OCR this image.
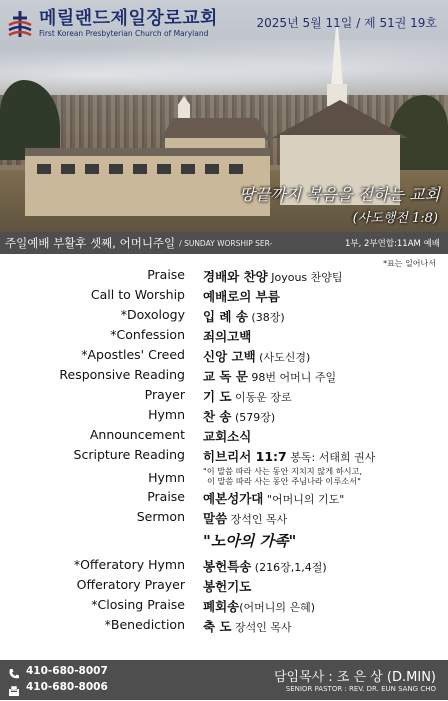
메릴랜드제일장로교회
First Korean Presbyterian Church of Maryland
2025년 5월 11일 / 제 51권 19호
땅끝까지 복음을 전하는 교회
(사도행전 1:8)
주일예배 부활후 셋째, 어머니주일 / SUNDAY WORSHIP SER-	1부, 2부연합:11AM 예배
*표는 일어나서
Praise 경배와 찬양 Joyous 찬양팀
Call to Worship 예배로의 부름
*Doxology 입 례 송 (38장)
*Confession 죄의고백
*Apostles' Creed 신앙 고백 (사도신경)
Responsive Reading 교 독 문 98번 어머니 주일
Prayer 기 도 이동운 장로
Hymn 찬 송 (579장)
Announcement 교회소식
Scripture Reading 히브리서 11:7 봉독: 서태희 권사
Hymn "이 말씀 따라 사는 동안 지치지 않게 하시고,
이 말씀 따라 사는 동안 주님나라 이루소서"
Praise 예본성가대 "어머니의 기도"
Sermon 말씀 장석인 목사
"노아의 가족"
*Offeratory Hymn 봉헌특송 (216장,1,4절)
Offeratory Prayer 봉헌기도
*Closing Praise 폐회송(어머니의 은혜)
*Benediction 축 도 장석인 목사
410-680-8007
410-680-8006
담임목사 : 조 은 상 (D.MIN)
SENIOR PASTOR : REV. DR. EUN SANG CHO
